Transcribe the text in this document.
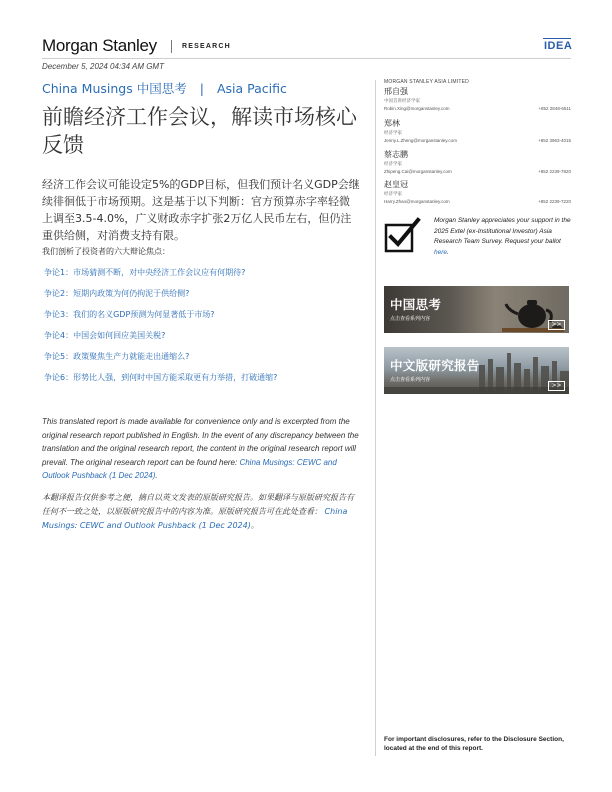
Morgan Stanley	RESEARCH	IDEA
December 5, 2024 04:34 AM GMT
China Musings 中国思考 | Asia Pacific
前瞻经济工作会议，解读市场核心反馈

经济工作会议可能设定5%的GDP目标，但我们预计名义GDP会继续徘徊低于市场预期。这是基于以下判断：官方预算赤字率轻微上调至3.5-4.0%，广义财政赤字扩张2万亿人民币左右，但仍注重供给侧，对消费支持有限。

我们剖析了投资者的六大辩论焦点：
争论1：市场猜测不断，对中央经济工作会议应有何期待?
争论2：短期内政策为何仍拘泥于供给侧?
争论3：我们的名义GDP预测为何显著低于市场?
争论4：中国会如何回应美国关税?
争论5：政策聚焦生产力就能走出通缩么?
争论6：形势比人强，到何时中国方能采取更有力举措，打破通缩?

This translated report is made available for convenience only and is excerpted from the original research report published in English. In the event of any discrepancy between the translation and the original research report, the content in the original research report will prevail. The original research report can be found here: China Musings: CEWC and Outlook Pushback (1 Dec 2024).

本翻译报告仅供参考之便，摘自以英文发表的原版研究报告。如果翻译与原版研究报告有任何不一致之处，以原版研究报告中的内容为准。原版研究报告可在此处查看： China Musings: CEWC and Outlook Pushback (1 Dec 2024)。

MORGAN STANLEY ASIA LIMITED
邢自强
中国首席经济学家
Robin.Xing@morganstanley.com	+852 2848-6511
郑林
经济学家
Jenny.L.Zheng@morganstanley.com	+852 3963-4015
蔡志鹏
经济学家
Zhipeng.Cai@morganstanley.com	+852 2239-7820
赵皇冠
经济学家
Harry.Zhao@morganstanley.com	+852 2239-7220

Morgan Stanley appreciates your support in the 2025 Extel (ex-Institutional Investor) Asia Research Team Survey. Request your ballot here.

中国思考
点击查看系列内容
>>
中文版研究报告
点击查看系列内容
>>

For important disclosures, refer to the Disclosure Section, located at the end of this report.
